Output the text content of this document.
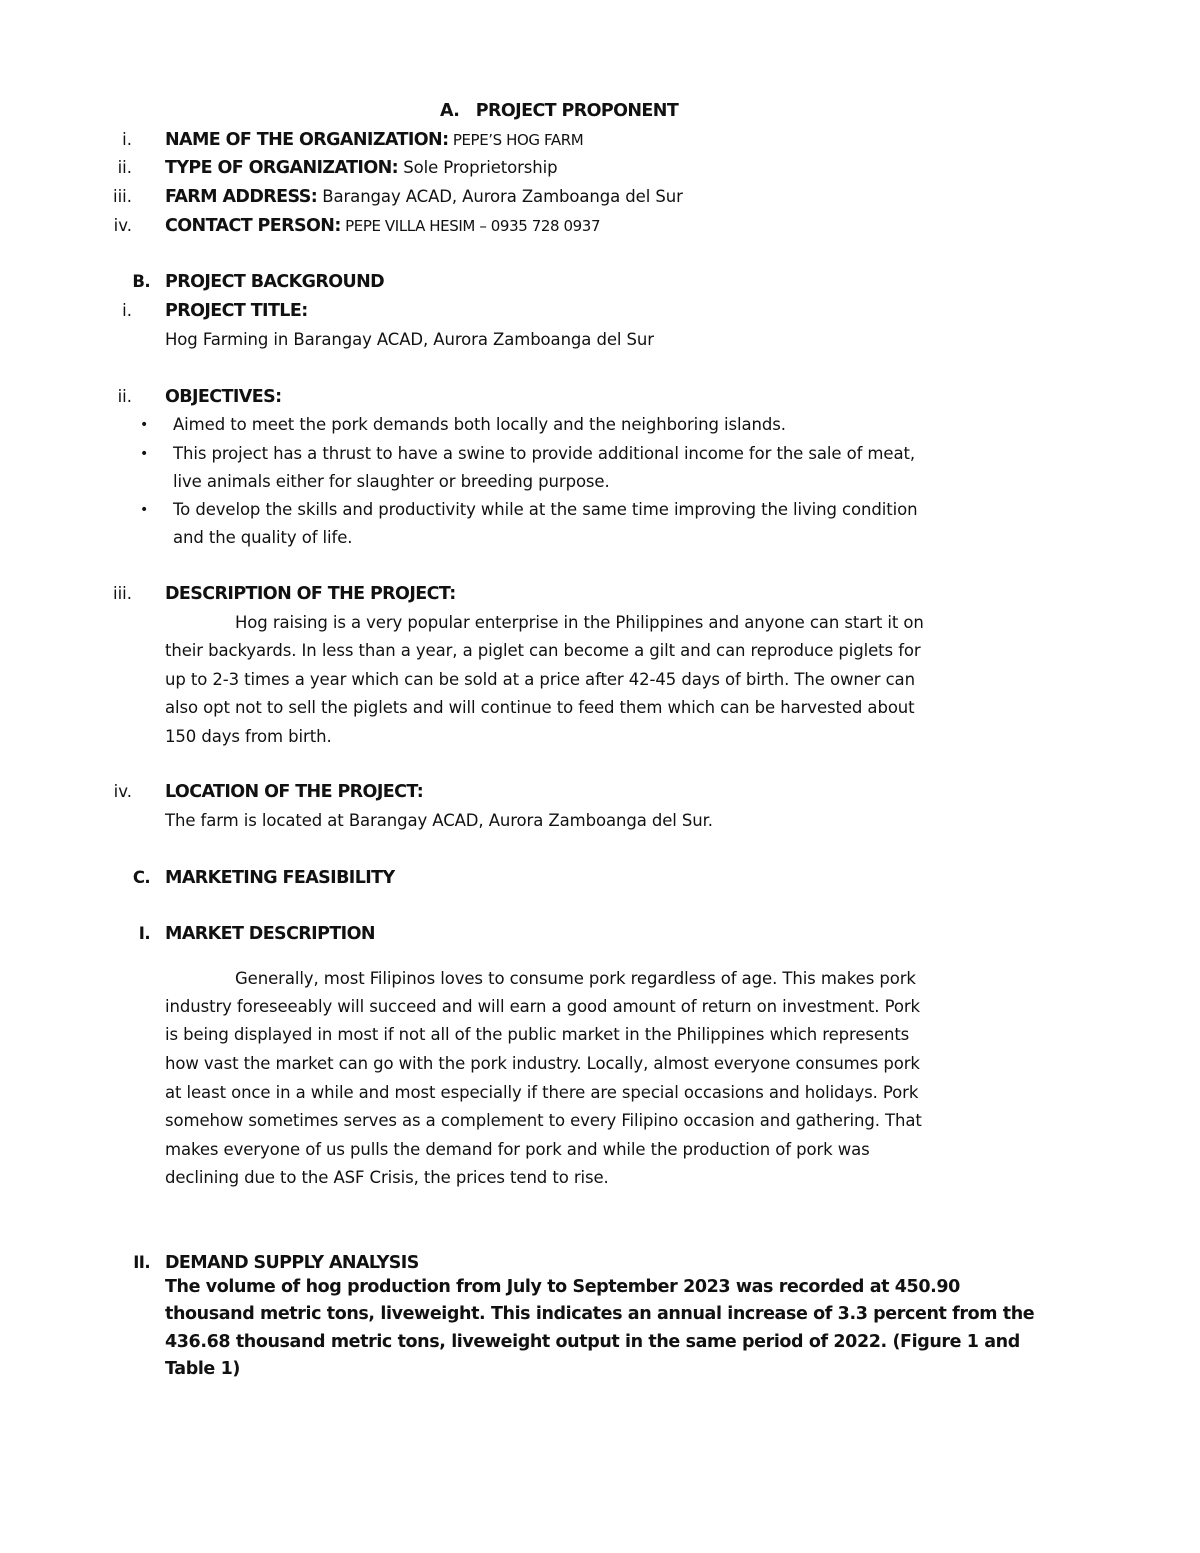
A.   PROJECT PROPONENT
i. NAME OF THE ORGANIZATION: PEPE’S HOG FARM
ii. TYPE OF ORGANIZATION: Sole Proprietorship
iii. FARM ADDRESS: Barangay ACAD, Aurora Zamboanga del Sur
iv. CONTACT PERSON: PEPE VILLA HESIM – 0935 728 0937
B. PROJECT BACKGROUND
i. PROJECT TITLE:
Hog Farming in Barangay ACAD, Aurora Zamboanga del Sur
ii. OBJECTIVES:
• Aimed to meet the pork demands both locally and the neighboring islands.
• This project has a thrust to have a swine to provide additional income for the sale of meat,
live animals either for slaughter or breeding purpose.
• To develop the skills and productivity while at the same time improving the living condition
and the quality of life.
iii. DESCRIPTION OF THE PROJECT:
Hog raising is a very popular enterprise in the Philippines and anyone can start it on
their backyards. In less than a year, a piglet can become a gilt and can reproduce piglets for
up to 2-3 times a year which can be sold at a price after 42-45 days of birth. The owner can
also opt not to sell the piglets and will continue to feed them which can be harvested about
150 days from birth.
iv. LOCATION OF THE PROJECT:
The farm is located at Barangay ACAD, Aurora Zamboanga del Sur.
C. MARKETING FEASIBILITY
I. MARKET DESCRIPTION
Generally, most Filipinos loves to consume pork regardless of age. This makes pork
industry foreseeably will succeed and will earn a good amount of return on investment. Pork
is being displayed in most if not all of the public market in the Philippines which represents
how vast the market can go with the pork industry. Locally, almost everyone consumes pork
at least once in a while and most especially if there are special occasions and holidays. Pork
somehow sometimes serves as a complement to every Filipino occasion and gathering. That
makes everyone of us pulls the demand for pork and while the production of pork was
declining due to the ASF Crisis, the prices tend to rise.
II. DEMAND SUPPLY ANALYSIS
The volume of hog production from July to September 2023 was recorded at 450.90
thousand metric tons, liveweight. This indicates an annual increase of 3.3 percent from the
436.68 thousand metric tons, liveweight output in the same period of 2022. (Figure 1 and
Table 1)
